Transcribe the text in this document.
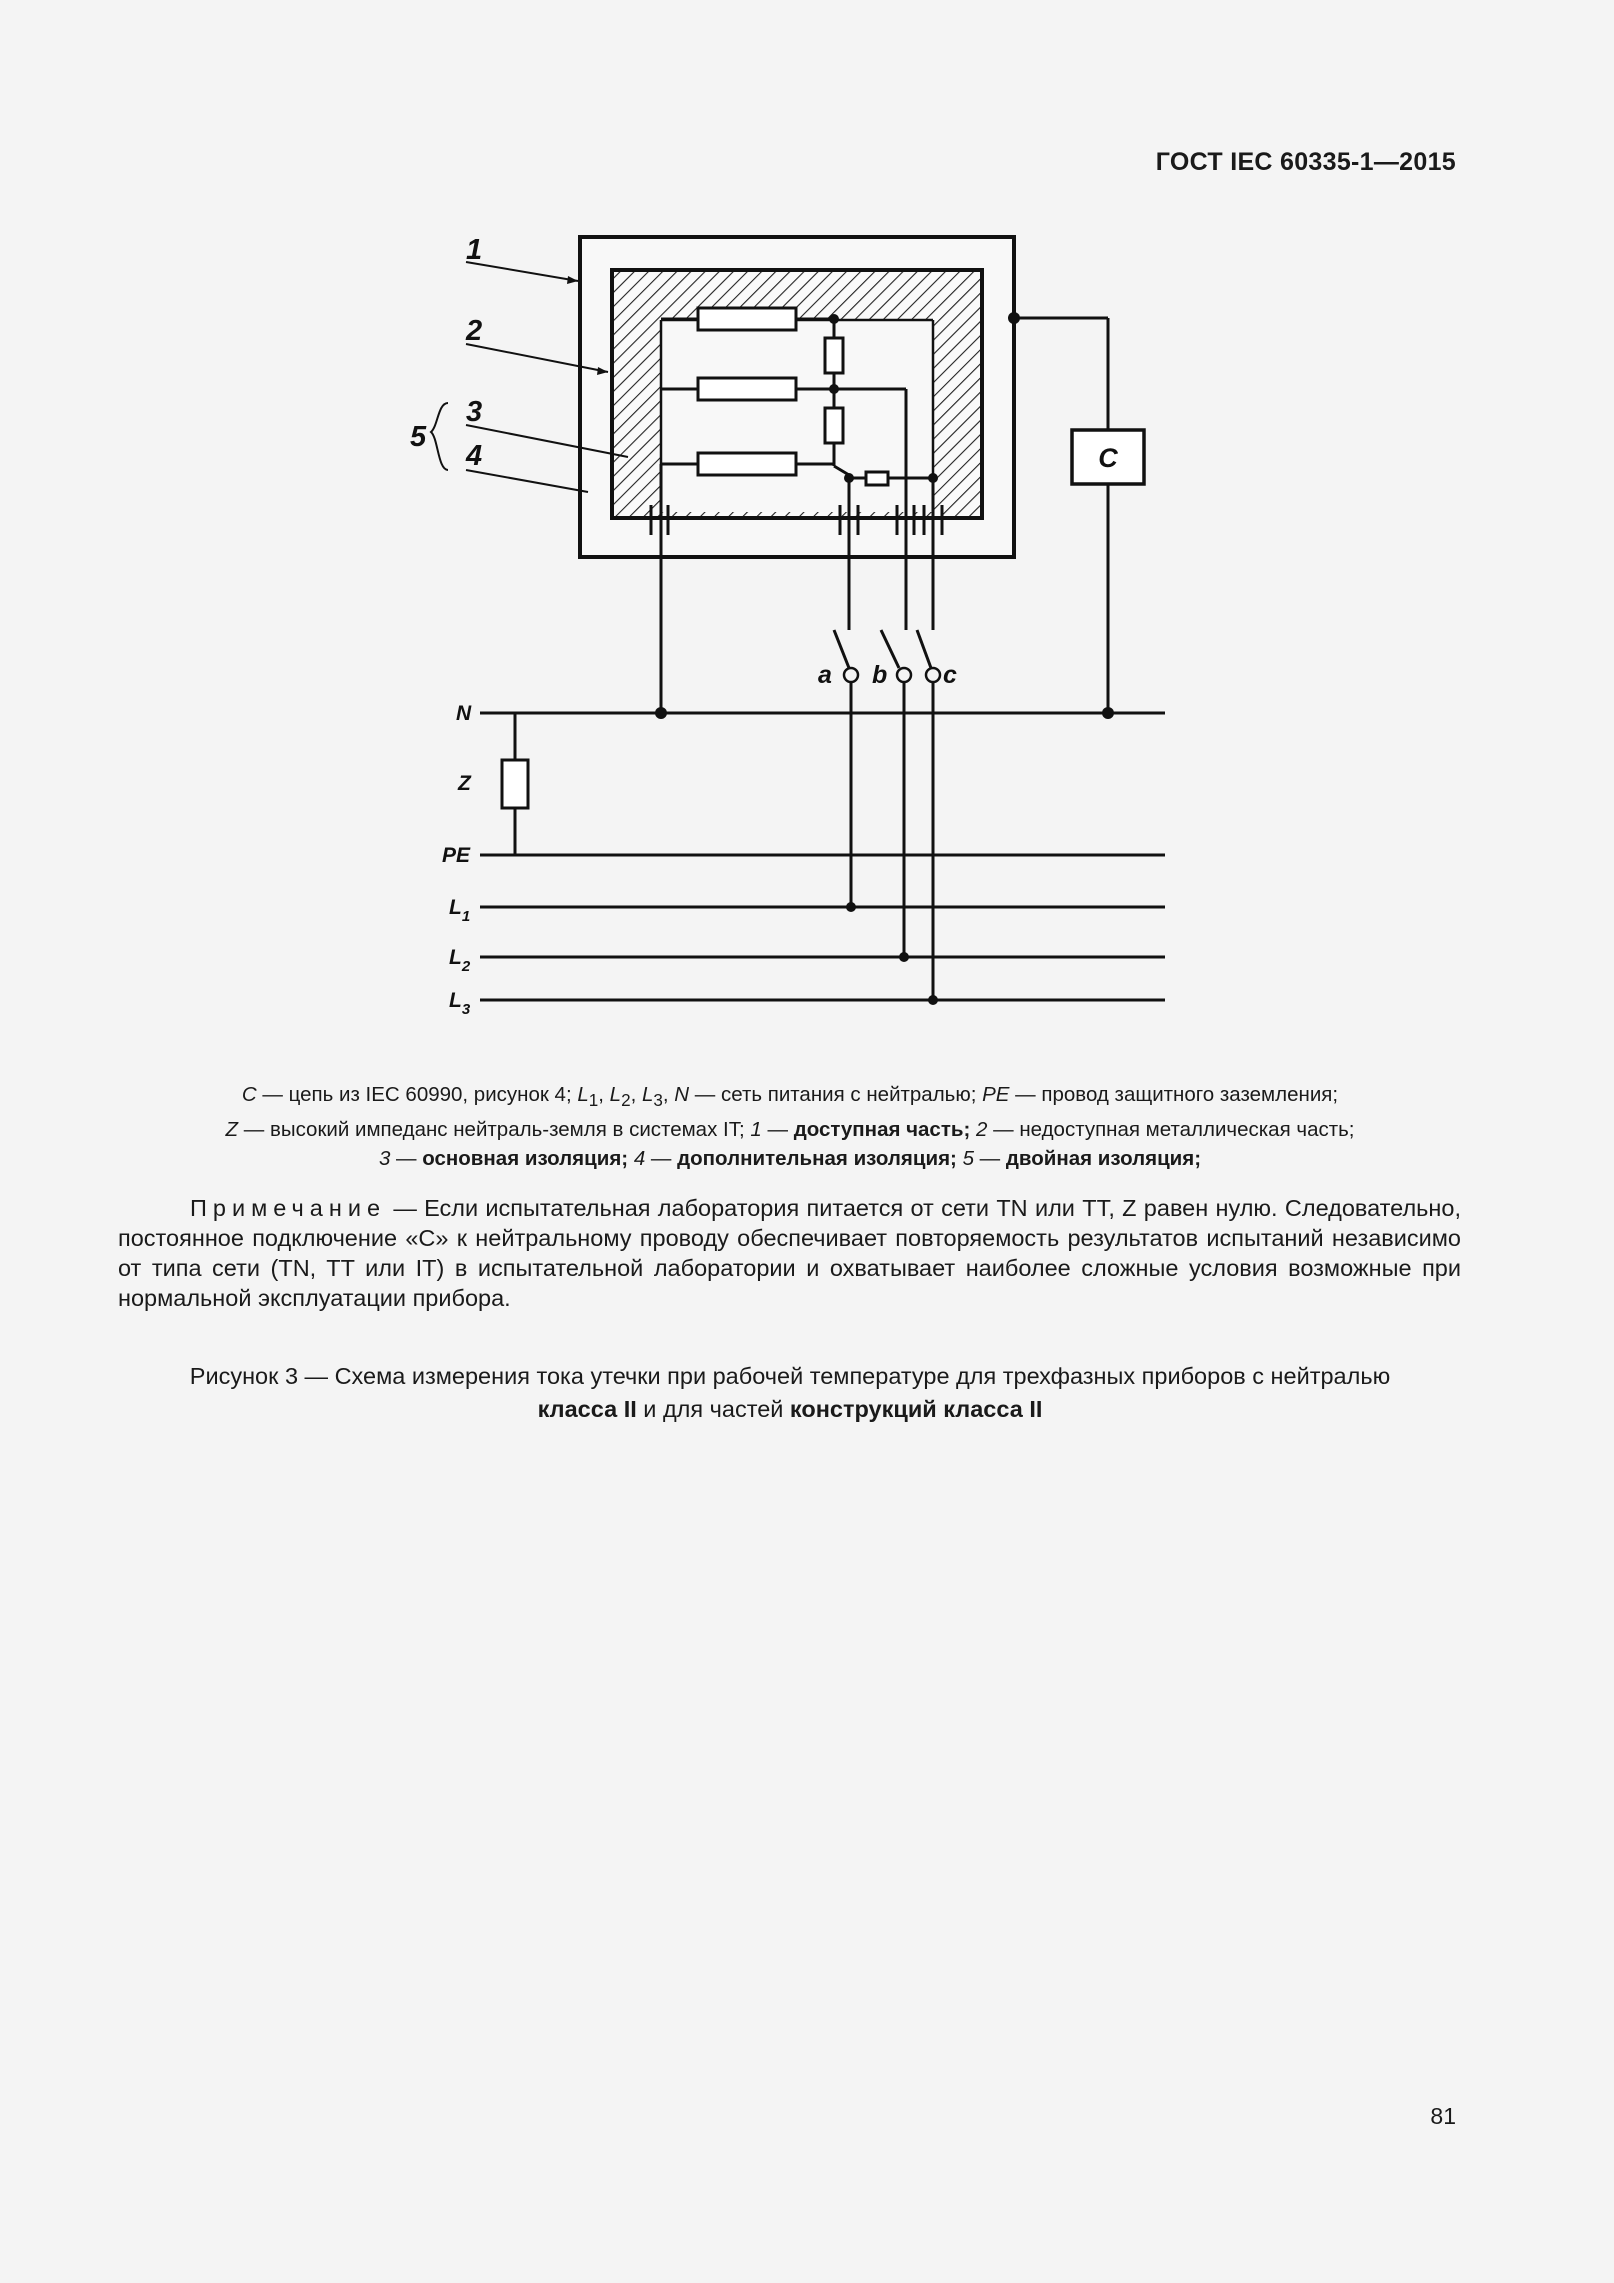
ГОСТ IEC 60335-1—2015
C
1
2
3
4
5
a b c
N
Z
PE
$L_1$
$L_2$
$L_3$
C — цепь из IEC 60990, рисунок 4; $L_1$, $L_2$, $L_3$, N — сеть питания с нейтралью; PE — провод защитного заземления;
Z — высокий импеданс нейтраль-земля в системах IT; 1 — доступная часть; 2 — недоступная металлическая часть;
3 — основная изоляция; 4 — дополнительная изоляция; 5 — двойная изоляция;
Примечание — Если испытательная лаборатория питается от сети TN или TT, Z равен нулю. Следовательно, постоянное подключение «C» к нейтральному проводу обеспечивает повторяемость результатов испытаний независимо от типа сети (TN, TT или IT) в испытательной лаборатории и охватывает наиболее сложные условия возможные при нормальной эксплуатации прибора.
Рисунок 3 — Схема измерения тока утечки при рабочей температуре для трехфазных приборов с нейтралью
класса II и для частей конструкций класса II
81
